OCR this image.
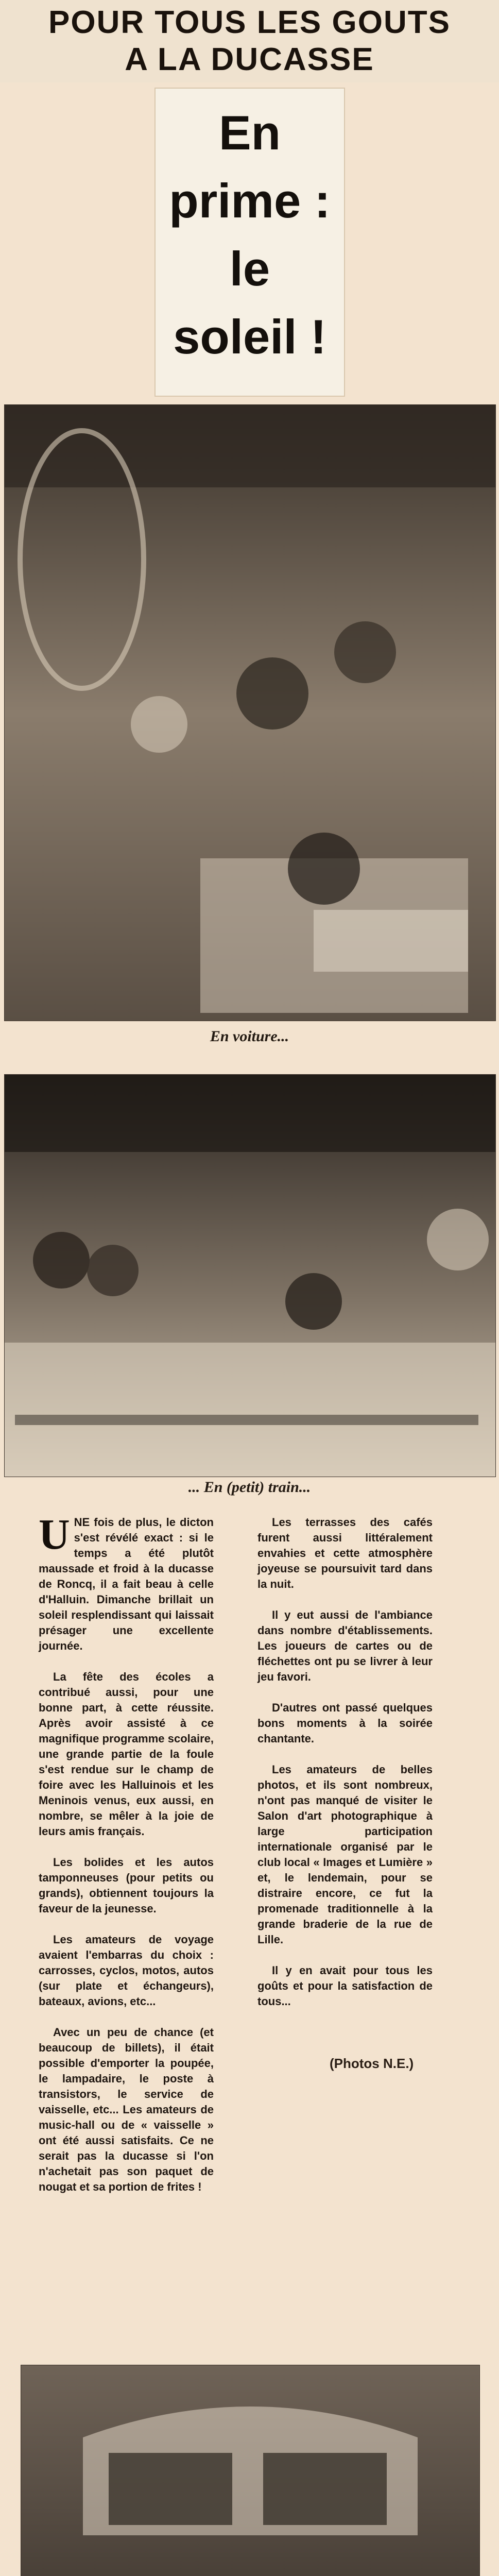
POUR TOUS LES GOUTS
A LA DUCASSE
En
prime :
le
soleil !
En voiture...
... En (petit) train...

UNE fois de plus, le dicton s'est révélé exact : si le temps a été plutôt maussade et froid à la ducasse de Roncq, il a fait beau à celle d'Halluin. Dimanche brillait un soleil resplendissant qui laissait présager une excellente journée.

La fête des écoles a contribué aussi, pour une bonne part, à cette réussite. Après avoir assisté à ce magnifique programme scolaire, une grande partie de la foule s'est rendue sur le champ de foire avec les Halluinois et les Meninois venus, eux aussi, en nombre, se mêler à la joie de leurs amis français.

Les bolides et les autos tamponneuses (pour petits ou grands), obtiennent toujours la faveur de la jeunesse.

Les amateurs de voyage avaient l'embarras du choix : carrosses, cyclos, motos, autos (sur plate et échangeurs), bateaux, avions, etc...

Avec un peu de chance (et beaucoup de billets), il était possible d'emporter la poupée, le lampadaire, le poste à transistors, le service de vaisselle, etc... Les amateurs de music-hall ou de « vaisselle » ont été aussi satisfaits. Ce ne serait pas la ducasse si l'on n'achetait pas son paquet de nougat et sa portion de frites !

Les terrasses des cafés furent aussi littéralement envahies et cette atmosphère joyeuse se poursuivit tard dans la nuit.

Il y eut aussi de l'ambiance dans nombre d'établissements. Les joueurs de cartes ou de fléchettes ont pu se livrer à leur jeu favori.

D'autres ont passé quelques bons moments à la soirée chantante.

Les amateurs de belles photos, et ils sont nombreux, n'ont pas manqué de visiter le Salon d'art photographique à large participation internationale organisé par le club local « Images et Lumière » et, le lendemain, pour se distraire encore, ce fut la promenade traditionnelle à la grande braderie de la rue de Lille.

Il y en avait pour tous les goûts et pour la satisfaction de tous...

(Photos N.E.)
